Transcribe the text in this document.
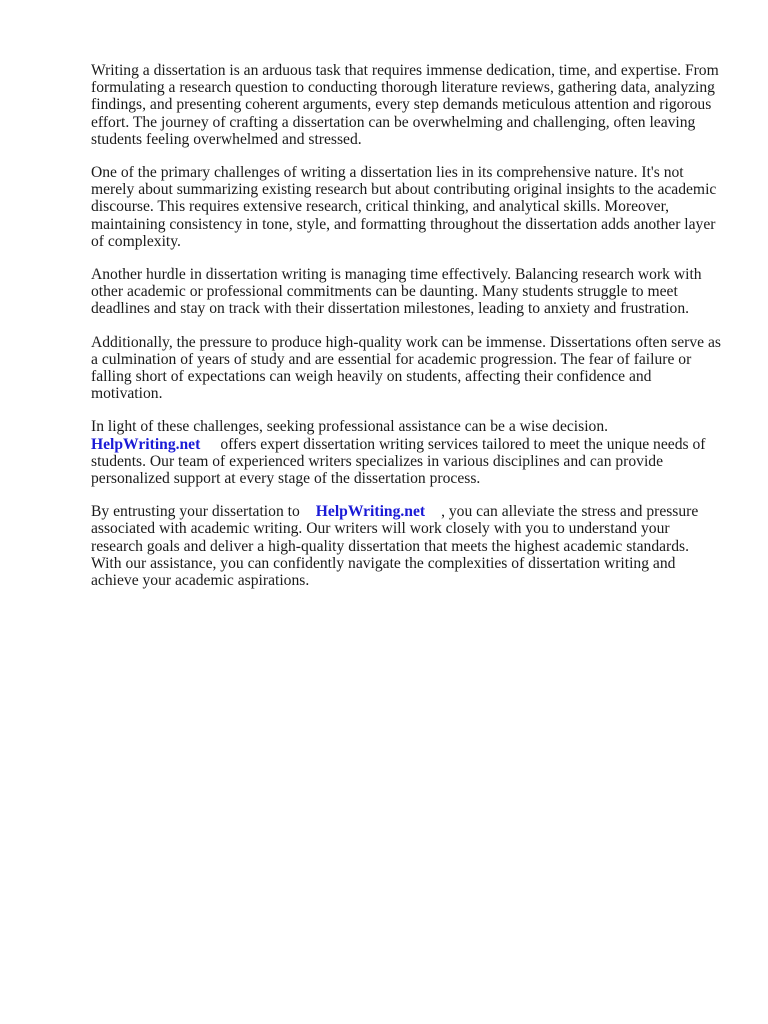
Writing a dissertation is an arduous task that requires immense dedication, time, and expertise. From formulating a research question to conducting thorough literature reviews, gathering data, analyzing findings, and presenting coherent arguments, every step demands meticulous attention and rigorous effort. The journey of crafting a dissertation can be overwhelming and challenging, often leaving students feeling overwhelmed and stressed.

One of the primary challenges of writing a dissertation lies in its comprehensive nature. It's not merely about summarizing existing research but about contributing original insights to the academic discourse. This requires extensive research, critical thinking, and analytical skills. Moreover, maintaining consistency in tone, style, and formatting throughout the dissertation adds another layer of complexity.

Another hurdle in dissertation writing is managing time effectively. Balancing research work with other academic or professional commitments can be daunting. Many students struggle to meet deadlines and stay on track with their dissertation milestones, leading to anxiety and frustration.

Additionally, the pressure to produce high-quality work can be immense. Dissertations often serve as a culmination of years of study and are essential for academic progression. The fear of failure or falling short of expectations can weigh heavily on students, affecting their confidence and motivation.

In light of these challenges, seeking professional assistance can be a wise decision.
HelpWriting.net offers expert dissertation writing services tailored to meet the unique needs of students. Our team of experienced writers specializes in various disciplines and can provide personalized support at every stage of the dissertation process.

By entrusting your dissertation to HelpWriting.net , you can alleviate the stress and pressure associated with academic writing. Our writers will work closely with you to understand your research goals and deliver a high-quality dissertation that meets the highest academic standards. With our assistance, you can confidently navigate the complexities of dissertation writing and achieve your academic aspirations.
